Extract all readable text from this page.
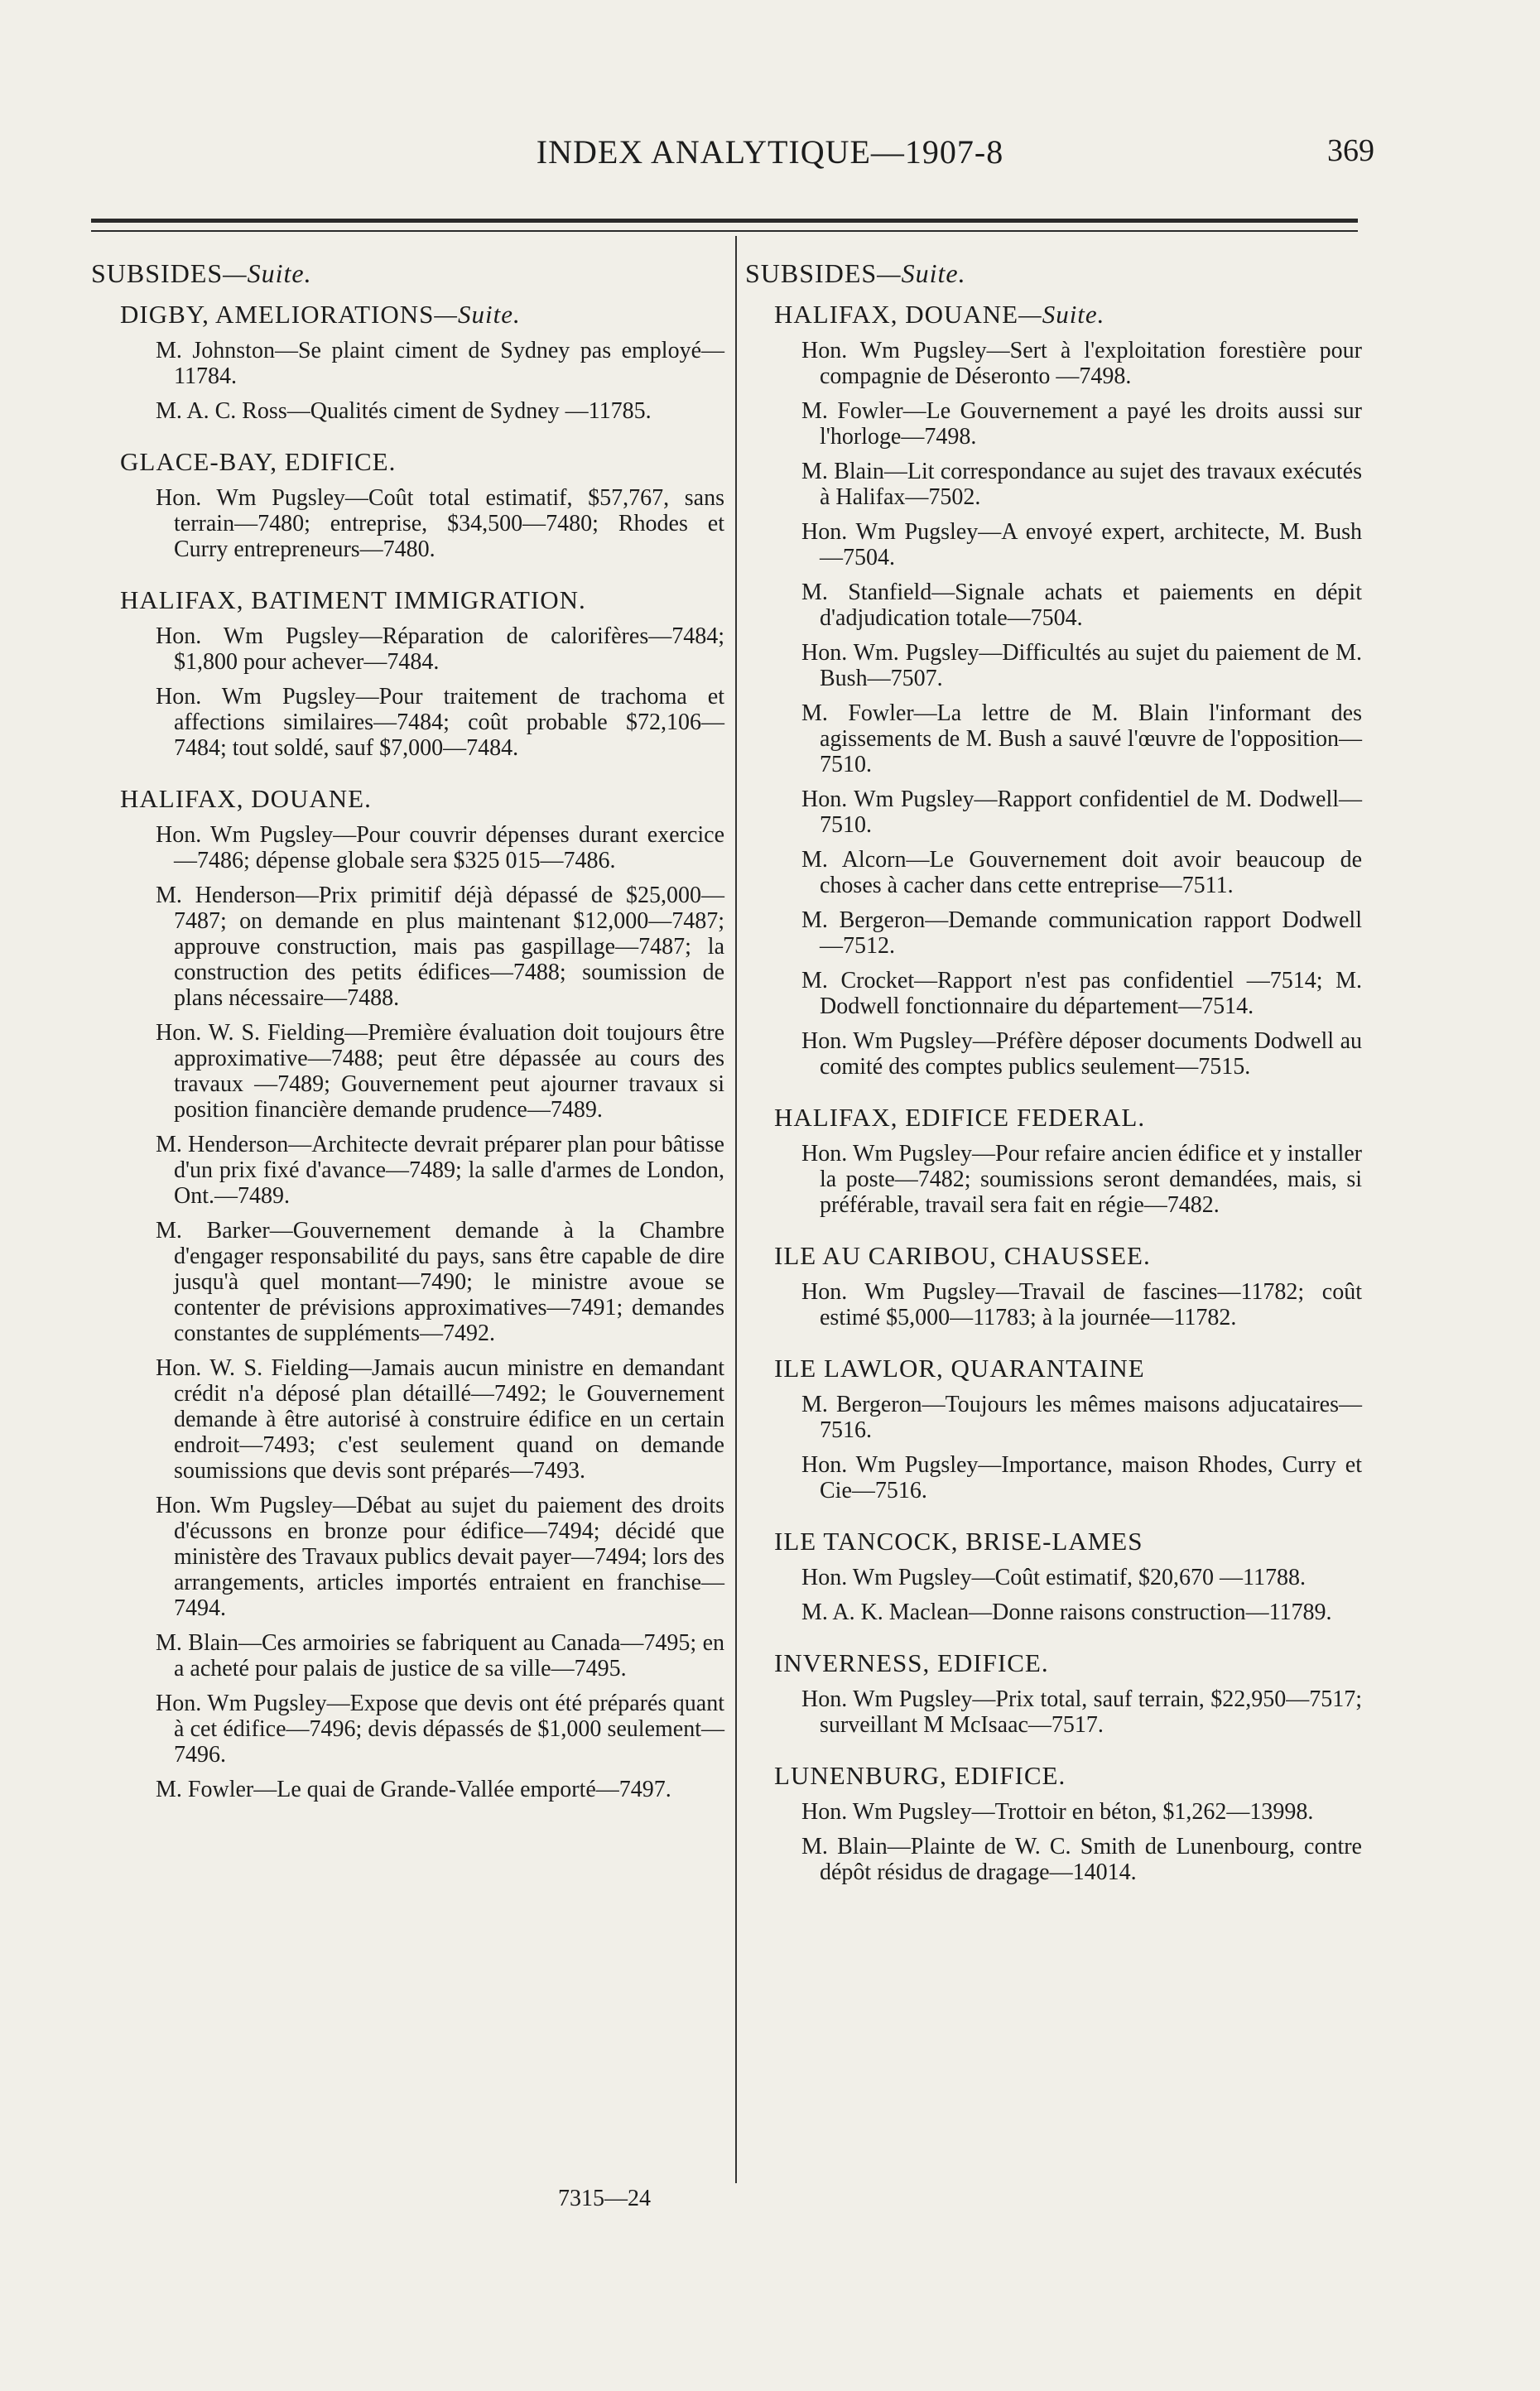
INDEX ANALYTIQUE—1907-8	369
SUBSIDES—Suite.
DIGBY, AMELIORATIONS—Suite.

M. Johnston—Se plaint ciment de Sydney pas employé—11784.

M. A. C. Ross—Qualités ciment de Sydney —11785.

GLACE-BAY, EDIFICE.

Hon. Wm Pugsley—Coût total estimatif, $57,767, sans terrain—7480; entreprise, $34,500—7480; Rhodes et Curry entrepreneurs—7480.

HALIFAX, BATIMENT IMMIGRATION.

Hon. Wm Pugsley—Réparation de calorifères—7484; $1,800 pour achever—7484.

Hon. Wm Pugsley—Pour traitement de trachoma et affections similaires—7484; coût probable $72,106—7484; tout soldé, sauf $7,000—7484.

HALIFAX, DOUANE.

Hon. Wm Pugsley—Pour couvrir dépenses durant exercice—7486; dépense globale sera $325 015—7486.

M. Henderson—Prix primitif déjà dépassé de $25,000—7487; on demande en plus maintenant $12,000—7487; approuve construction, mais pas gaspillage—7487; la construction des petits édifices—7488; soumission de plans nécessaire—7488.

Hon. W. S. Fielding—Première évaluation doit toujours être approximative—7488; peut être dépassée au cours des travaux —7489; Gouvernement peut ajourner travaux si position financière demande prudence—7489.

M. Henderson—Architecte devrait préparer plan pour bâtisse d'un prix fixé d'avance—7489; la salle d'armes de London, Ont.—7489.

M. Barker—Gouvernement demande à la Chambre d'engager responsabilité du pays, sans être capable de dire jusqu'à quel montant—7490; le ministre avoue se contenter de prévisions approximatives—7491; demandes constantes de suppléments—7492.

Hon. W. S. Fielding—Jamais aucun ministre en demandant crédit n'a déposé plan détaillé—7492; le Gouvernement demande à être autorisé à construire édifice en un certain endroit—7493; c'est seulement quand on demande soumissions que devis sont préparés—7493.

Hon. Wm Pugsley—Débat au sujet du paiement des droits d'écussons en bronze pour édifice—7494; décidé que ministère des Travaux publics devait payer—7494; lors des arrangements, articles importés entraient en franchise—7494.

M. Blain—Ces armoiries se fabriquent au Canada—7495; en a acheté pour palais de justice de sa ville—7495.

Hon. Wm Pugsley—Expose que devis ont été préparés quant à cet édifice—7496; devis dépassés de $1,000 seulement—7496.

M. Fowler—Le quai de Grande-Vallée emporté—7497.

SUBSIDES—Suite.
HALIFAX, DOUANE—Suite.

Hon. Wm Pugsley—Sert à l'exploitation forestière pour compagnie de Déseronto —7498.

M. Fowler—Le Gouvernement a payé les droits aussi sur l'horloge—7498.

M. Blain—Lit correspondance au sujet des travaux exécutés à Halifax—7502.

Hon. Wm Pugsley—A envoyé expert, architecte, M. Bush—7504.

M. Stanfield—Signale achats et paiements en dépit d'adjudication totale—7504.

Hon. Wm. Pugsley—Difficultés au sujet du paiement de M. Bush—7507.

M. Fowler—La lettre de M. Blain l'informant des agissements de M. Bush a sauvé l'œuvre de l'opposition—7510.

Hon. Wm Pugsley—Rapport confidentiel de M. Dodwell—7510.

M. Alcorn—Le Gouvernement doit avoir beaucoup de choses à cacher dans cette entreprise—7511.

M. Bergeron—Demande communication rapport Dodwell—7512.

M. Crocket—Rapport n'est pas confidentiel —7514; M. Dodwell fonctionnaire du département—7514.

Hon. Wm Pugsley—Préfère déposer documents Dodwell au comité des comptes publics seulement—7515.

HALIFAX, EDIFICE FEDERAL.

Hon. Wm Pugsley—Pour refaire ancien édifice et y installer la poste—7482; soumissions seront demandées, mais, si préférable, travail sera fait en régie—7482.

ILE AU CARIBOU, CHAUSSEE.

Hon. Wm Pugsley—Travail de fascines—11782; coût estimé $5,000—11783; à la journée—11782.

ILE LAWLOR, QUARANTAINE

M. Bergeron—Toujours les mêmes maisons adjucataires—7516.

Hon. Wm Pugsley—Importance, maison Rhodes, Curry et Cie—7516.

ILE TANCOCK, BRISE-LAMES

Hon. Wm Pugsley—Coût estimatif, $20,670 —11788.

M. A. K. Maclean—Donne raisons construction—11789.

INVERNESS, EDIFICE.

Hon. Wm Pugsley—Prix total, sauf terrain, $22,950—7517; surveillant M McIsaac—7517.

LUNENBURG, EDIFICE.

Hon. Wm Pugsley—Trottoir en béton, $1,262—13998.

M. Blain—Plainte de W. C. Smith de Lunenbourg, contre dépôt résidus de dragage—14014.

7315—24
